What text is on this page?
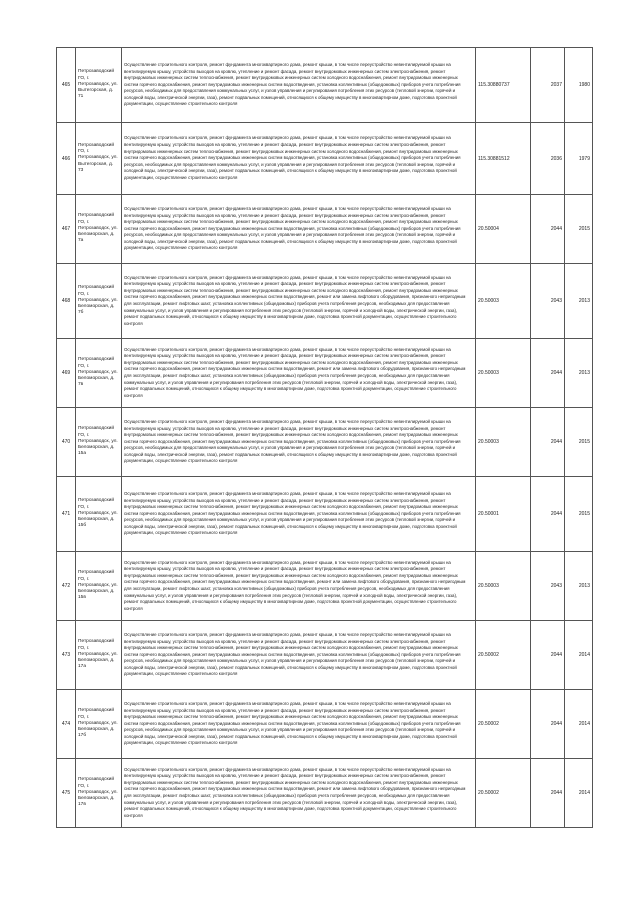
465	Петрозаводский ГО, г. Петрозаводск, ул. Вытегорская, д. 71	Осуществление строительного контроля, ремонт фундамента многоквартирного дома, ремонт крыши, в том числе переустройство невентилируемой крыши на вентилируемую крышу, устройство выходов на кровлю, утепление и ремонт фасада, ремонт внутридомовых инженерных систем электроснабжения, ремонт внутридомовых инженерных систем теплоснабжения, ремонт внутридомовых инженерных систем холодного водоснабжения, ремонт внутридомовых инженерных систем горячего водоснабжения, ремонт внутридомовых инженерных систем водоотведения, установка коллективных (общедомовых) приборов учета потребления ресурсов, необходимых для предоставления коммунальных услуг, и узлов управления и регулирования потребления этих ресурсов (тепловой энергии, горячей и холодной воды, электрической энергии, газа), ремонт подвальных помещений, относящихся к общему имуществу в многоквартирном доме, подготовка проектной документации, осуществление строительного контроля	115.30880737	2037	1980
466	Петрозаводский ГО, г. Петрозаводск, ул. Вытегорская, д. 73	Осуществление строительного контроля, ремонт фундамента многоквартирного дома, ремонт крыши, в том числе переустройство невентилируемой крыши на вентилируемую крышу, устройство выходов на кровлю, утепление и ремонт фасада, ремонт внутридомовых инженерных систем электроснабжения, ремонт внутридомовых инженерных систем теплоснабжения, ремонт внутридомовых инженерных систем холодного водоснабжения, ремонт внутридомовых инженерных систем горячего водоснабжения, ремонт внутридомовых инженерных систем водоотведения, установка коллективных (общедомовых) приборов учета потребления ресурсов, необходимых для предоставления коммунальных услуг, и узлов управления и регулирования потребления этих ресурсов (тепловой энергии, горячей и холодной воды, электрической энергии, газа), ремонт подвальных помещений, относящихся к общему имуществу в многоквартирном доме, подготовка проектной документации, осуществление строительного контроля	115.30881512	2036	1979
467	Петрозаводский ГО, г. Петрозаводск, ул. Беломорская, д. 7а	Осуществление строительного контроля, ремонт фундамента многоквартирного дома, ремонт крыши, в том числе переустройство невентилируемой крыши на вентилируемую крышу, устройство выходов на кровлю, утепление и ремонт фасада, ремонт внутридомовых инженерных систем электроснабжения, ремонт внутридомовых инженерных систем теплоснабжения, ремонт внутридомовых инженерных систем холодного водоснабжения, ремонт внутридомовых инженерных систем горячего водоснабжения, ремонт внутридомовых инженерных систем водоотведения, установка коллективных (общедомовых) приборов учета потребления ресурсов, необходимых для предоставления коммунальных услуг, и узлов управления и регулирования потребления этих ресурсов (тепловой энергии, горячей и холодной воды, электрической энергии, газа), ремонт подвальных помещений, относящихся к общему имуществу в многоквартирном доме, подготовка проектной документации, осуществление строительного контроля	20.50004	2044	2015
468	Петрозаводский ГО, г. Петрозаводск, ул. Беломорская, д. 7б	Осуществление строительного контроля, ремонт фундамента многоквартирного дома, ремонт крыши, в том числе переустройство невентилируемой крыши на вентилируемую крышу, устройство выходов на кровлю, утепление и ремонт фасада, ремонт внутридомовых инженерных систем электроснабжения, ремонт внутридомовых инженерных систем теплоснабжения, ремонт внутридомовых инженерных систем холодного водоснабжения, ремонт внутридомовых инженерных систем горячего водоснабжения, ремонт внутридомовых инженерных систем водоотведения, ремонт или замена лифтового оборудования, признанного непригодным для эксплуатации, ремонт лифтовых шахт, установка коллективных (общедомовых) приборов учета потребления ресурсов, необходимых для предоставления коммунальных услуг, и узлов управления и регулирования потребления этих ресурсов (тепловой энергии, горячей и холодной воды, электрической энергии, газа), ремонт подвальных помещений, относящихся к общему имуществу в многоквартирном доме, подготовка проектной документации, осуществление строительного контроля	20.50003	2043	2013
469	Петрозаводский ГО, г. Петрозаводск, ул. Беломорская, д. 7в	Осуществление строительного контроля, ремонт фундамента многоквартирного дома, ремонт крыши, в том числе переустройство невентилируемой крыши на вентилируемую крышу, устройство выходов на кровлю, утепление и ремонт фасада, ремонт внутридомовых инженерных систем электроснабжения, ремонт внутридомовых инженерных систем теплоснабжения, ремонт внутридомовых инженерных систем холодного водоснабжения, ремонт внутридомовых инженерных систем горячего водоснабжения, ремонт внутридомовых инженерных систем водоотведения, ремонт или замена лифтового оборудования, признанного непригодным для эксплуатации, ремонт лифтовых шахт, установка коллективных (общедомовых) приборов учета потребления ресурсов, необходимых для предоставления коммунальных услуг, и узлов управления и регулирования потребления этих ресурсов (тепловой энергии, горячей и холодной воды, электрической энергии, газа), ремонт подвальных помещений, относящихся к общему имуществу в многоквартирном доме, подготовка проектной документации, осуществление строительного контроля	20.50003	2044	2013
470	Петрозаводский ГО, г. Петрозаводск, ул. Беломорская, д. 15а	Осуществление строительного контроля, ремонт фундамента многоквартирного дома, ремонт крыши, в том числе переустройство невентилируемой крыши на вентилируемую крышу, устройство выходов на кровлю, утепление и ремонт фасада, ремонт внутридомовых инженерных систем электроснабжения, ремонт внутридомовых инженерных систем теплоснабжения, ремонт внутридомовых инженерных систем холодного водоснабжения, ремонт внутридомовых инженерных систем горячего водоснабжения, ремонт внутридомовых инженерных систем водоотведения, установка коллективных (общедомовых) приборов учета потребления ресурсов, необходимых для предоставления коммунальных услуг, и узлов управления и регулирования потребления этих ресурсов (тепловой энергии, горячей и холодной воды, электрической энергии, газа), ремонт подвальных помещений, относящихся к общему имуществу в многоквартирном доме, подготовка проектной документации, осуществление строительного контроля	20.50003	2044	2015
471	Петрозаводский ГО, г. Петрозаводск, ул. Беломорская, д. 15б	Осуществление строительного контроля, ремонт фундамента многоквартирного дома, ремонт крыши, в том числе переустройство невентилируемой крыши на вентилируемую крышу, устройство выходов на кровлю, утепление и ремонт фасада, ремонт внутридомовых инженерных систем электроснабжения, ремонт внутридомовых инженерных систем теплоснабжения, ремонт внутридомовых инженерных систем холодного водоснабжения, ремонт внутридомовых инженерных систем горячего водоснабжения, ремонт внутридомовых инженерных систем водоотведения, установка коллективных (общедомовых) приборов учета потребления ресурсов, необходимых для предоставления коммунальных услуг, и узлов управления и регулирования потребления этих ресурсов (тепловой энергии, горячей и холодной воды, электрической энергии, газа), ремонт подвальных помещений, относящихся к общему имуществу в многоквартирном доме, подготовка проектной документации, осуществление строительного контроля	20.50001	2044	2015
472	Петрозаводский ГО, г. Петрозаводск, ул. Беломорская, д. 15в	Осуществление строительного контроля, ремонт фундамента многоквартирного дома, ремонт крыши, в том числе переустройство невентилируемой крыши на вентилируемую крышу, устройство выходов на кровлю, утепление и ремонт фасада, ремонт внутридомовых инженерных систем электроснабжения, ремонт внутридомовых инженерных систем теплоснабжения, ремонт внутридомовых инженерных систем холодного водоснабжения, ремонт внутридомовых инженерных систем горячего водоснабжения, ремонт внутридомовых инженерных систем водоотведения, ремонт или замена лифтового оборудования, признанного непригодным для эксплуатации, ремонт лифтовых шахт, установка коллективных (общедомовых) приборов учета потребления ресурсов, необходимых для предоставления коммунальных услуг, и узлов управления и регулирования потребления этих ресурсов (тепловой энергии, горячей и холодной воды, электрической энергии, газа), ремонт подвальных помещений, относящихся к общему имуществу в многоквартирном доме, подготовка проектной документации, осуществление строительного контроля	20.50003	2043	2013
473	Петрозаводский ГО, г. Петрозаводск, ул. Беломорская, д. 17а	Осуществление строительного контроля, ремонт фундамента многоквартирного дома, ремонт крыши, в том числе переустройство невентилируемой крыши на вентилируемую крышу, устройство выходов на кровлю, утепление и ремонт фасада, ремонт внутридомовых инженерных систем электроснабжения, ремонт внутридомовых инженерных систем теплоснабжения, ремонт внутридомовых инженерных систем холодного водоснабжения, ремонт внутридомовых инженерных систем горячего водоснабжения, ремонт внутридомовых инженерных систем водоотведения, установка коллективных (общедомовых) приборов учета потребления ресурсов, необходимых для предоставления коммунальных услуг, и узлов управления и регулирования потребления этих ресурсов (тепловой энергии, горячей и холодной воды, электрической энергии, газа), ремонт подвальных помещений, относящихся к общему имуществу в многоквартирном доме, подготовка проектной документации, осуществление строительного контроля	20.50002	2044	2014
474	Петрозаводский ГО, г. Петрозаводск, ул. Беломорская, д. 17б	Осуществление строительного контроля, ремонт фундамента многоквартирного дома, ремонт крыши, в том числе переустройство невентилируемой крыши на вентилируемую крышу, устройство выходов на кровлю, утепление и ремонт фасада, ремонт внутридомовых инженерных систем электроснабжения, ремонт внутридомовых инженерных систем теплоснабжения, ремонт внутридомовых инженерных систем холодного водоснабжения, ремонт внутридомовых инженерных систем горячего водоснабжения, ремонт внутридомовых инженерных систем водоотведения, установка коллективных (общедомовых) приборов учета потребления ресурсов, необходимых для предоставления коммунальных услуг, и узлов управления и регулирования потребления этих ресурсов (тепловой энергии, горячей и холодной воды, электрической энергии, газа), ремонт подвальных помещений, относящихся к общему имуществу в многоквартирном доме, подготовка проектной документации, осуществление строительного контроля	20.50002	2044	2014
475	Петрозаводский ГО, г. Петрозаводск, ул. Беломорская, д. 17в	Осуществление строительного контроля, ремонт фундамента многоквартирного дома, ремонт крыши, в том числе переустройство невентилируемой крыши на вентилируемую крышу, устройство выходов на кровлю, утепление и ремонт фасада, ремонт внутридомовых инженерных систем электроснабжения, ремонт внутридомовых инженерных систем теплоснабжения, ремонт внутридомовых инженерных систем холодного водоснабжения, ремонт внутридомовых инженерных систем горячего водоснабжения, ремонт внутридомовых инженерных систем водоотведения, ремонт или замена лифтового оборудования, признанного непригодным для эксплуатации, ремонт лифтовых шахт, установка коллективных (общедомовых) приборов учета потребления ресурсов, необходимых для предоставления коммунальных услуг, и узлов управления и регулирования потребления этих ресурсов (тепловой энергии, горячей и холодной воды, электрической энергии, газа), ремонт подвальных помещений, относящихся к общему имуществу в многоквартирном доме, подготовка проектной документации, осуществление строительного контроля	20.50002	2044	2014
